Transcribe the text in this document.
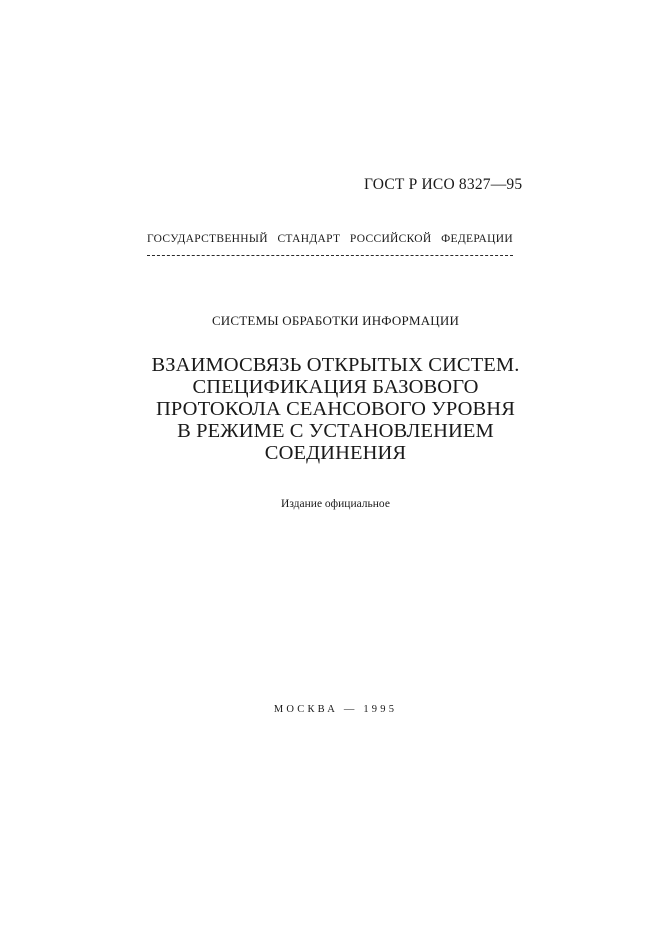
ГОСТ Р ИСО 8327—95
ГОСУДАРСТВЕННЫЙ СТАНДАРТ РОССИЙСКОЙ ФЕДЕРАЦИИ
СИСТЕМЫ ОБРАБОТКИ ИНФОРМАЦИИ
ВЗАИМОСВЯЗЬ ОТКРЫТЫХ СИСТЕМ.
СПЕЦИФИКАЦИЯ БАЗОВОГО
ПРОТОКОЛА СЕАНСОВОГО УРОВНЯ
В РЕЖИМЕ С УСТАНОВЛЕНИЕМ
СОЕДИНЕНИЯ
Издание официальное
МОСКВА — 1995
